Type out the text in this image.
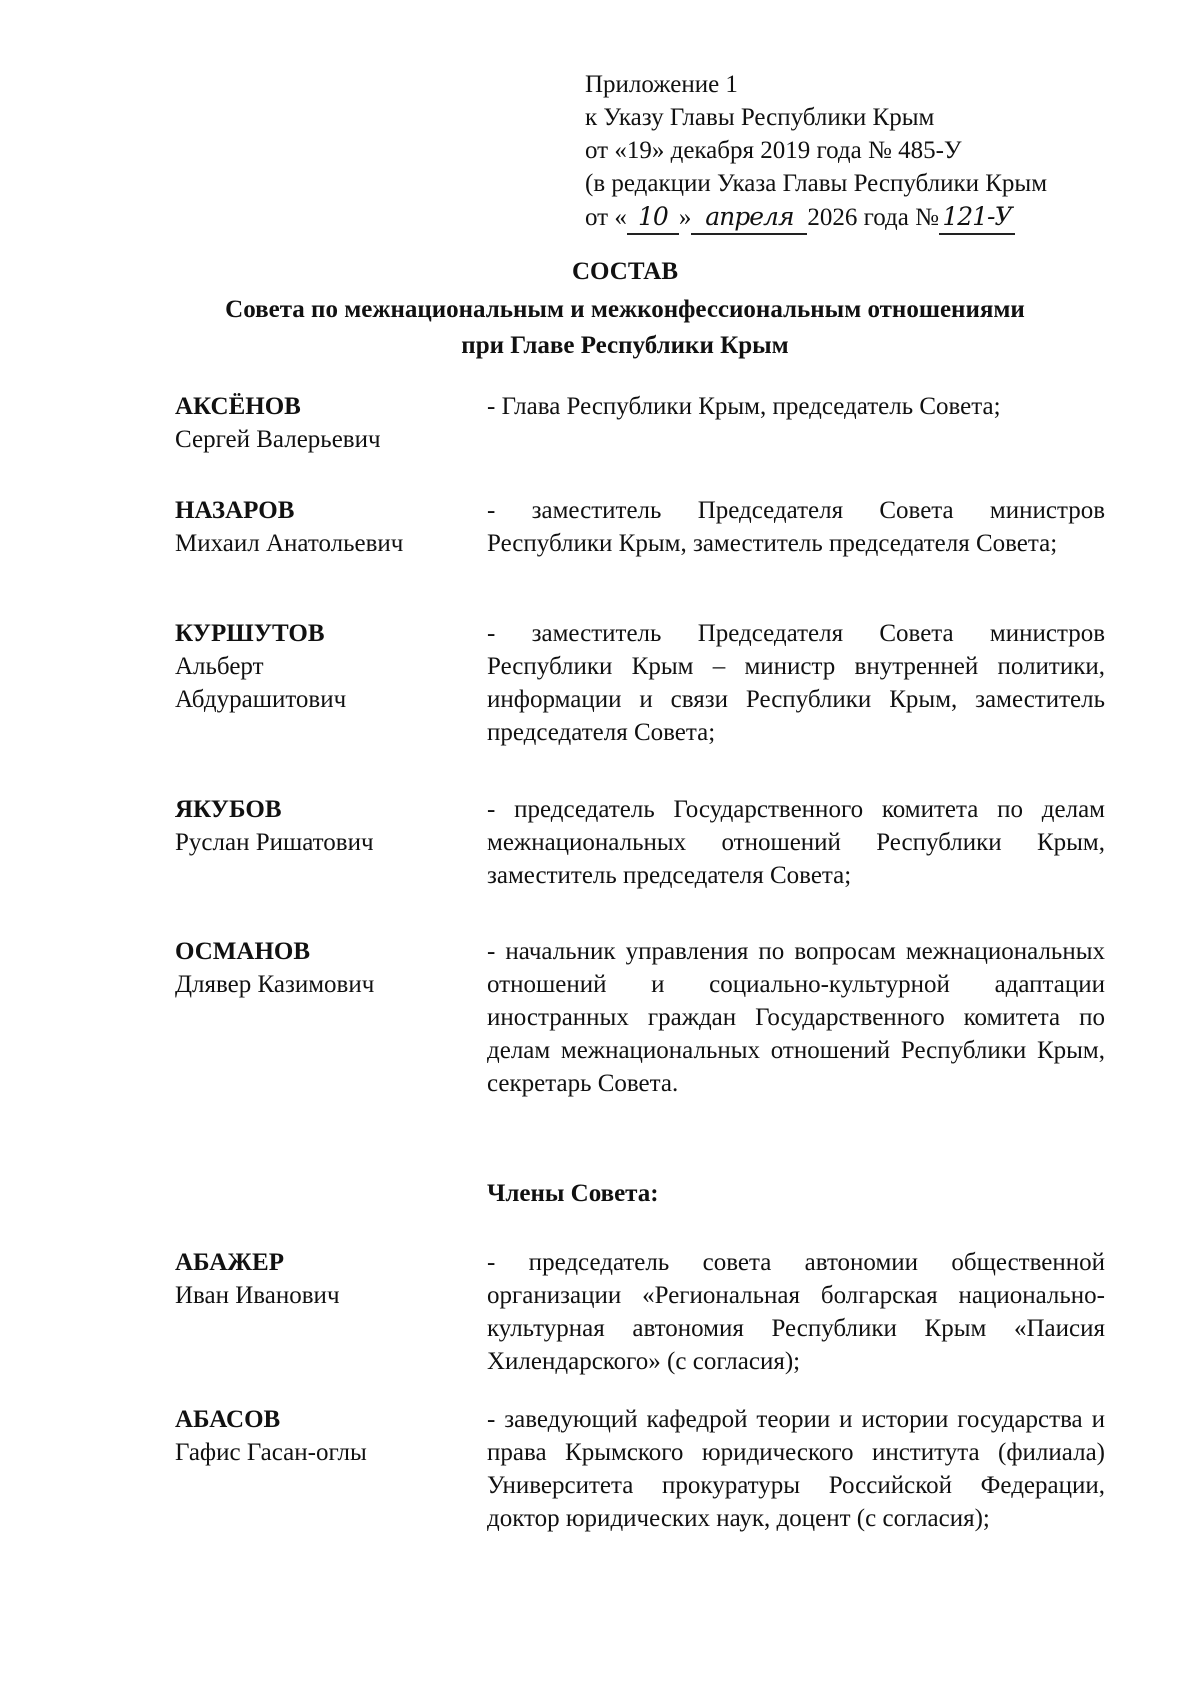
Приложение 1
к Указу Главы Республики Крым
от «19» декабря 2019 года № 485-У
(в редакции Указа Главы Республики Крым
от « 10 » апреля 2026 года № 121-У
СОСТАВ
Совета по межнациональным и межконфессиональным отношениями
при Главе Республики Крым
АКСЁНОВ
Сергей Валерьевич
- Глава Республики Крым, председатель Совета;
НАЗАРОВ
Михаил Анатольевич
- заместитель Председателя Совета министров Республики Крым, заместитель председателя Совета;
КУРШУТОВ
Альберт Абдурашитович
- заместитель Председателя Совета министров Республики Крым – министр внутренней политики, информации и связи Республики Крым, заместитель председателя Совета;
ЯКУБОВ
Руслан Ришатович
- председатель Государственного комитета по делам межнациональных отношений Республики Крым, заместитель председателя Совета;
ОСМАНОВ
Длявер Казимович
- начальник управления по вопросам межнациональных отношений и социально-культурной адаптации иностранных граждан Государственного комитета по делам межнациональных отношений Республики Крым, секретарь Совета.
Члены Совета:
АБАЖЕР
Иван Иванович
- председатель совета автономии общественной организации «Региональная болгарская национально-культурная автономия Республики Крым «Паисия Хилендарского» (с согласия);
АБАСОВ
Гафис Гасан-оглы
- заведующий кафедрой теории и истории государства и права Крымского юридического института (филиала) Университета прокуратуры Российской Федерации, доктор юридических наук, доцент (с согласия);
